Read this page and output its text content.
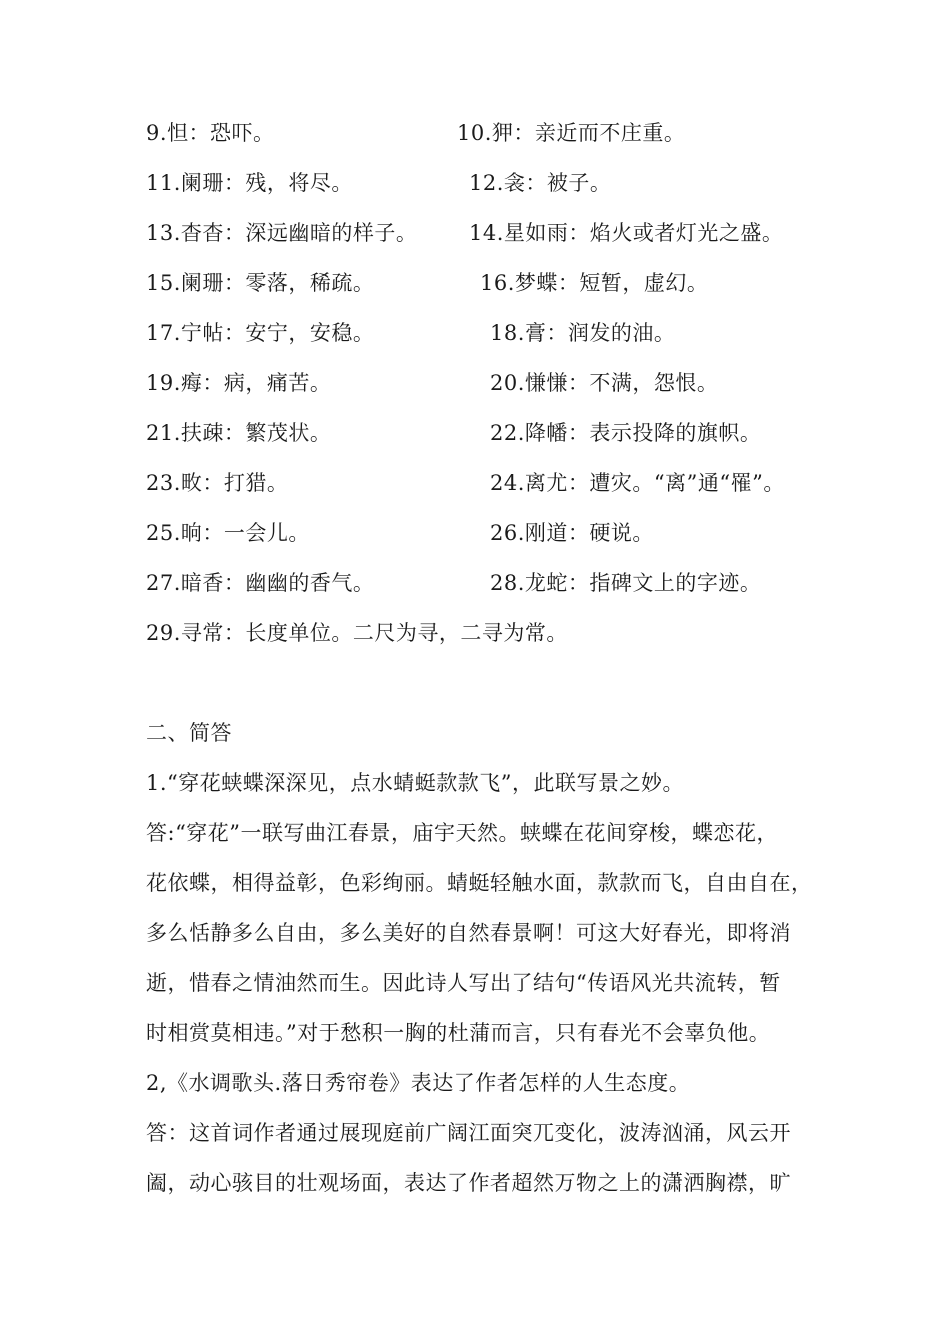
9.怛：恐吓。	10.狎：亲近而不庄重。
11.阑珊：残，将尽。	12.衾：被子。
13.杳杳：深远幽暗的样子。 14.星如雨：焰火或者灯光之盛。
15.阑珊：零落，稀疏。	16.梦蝶：短暂，虚幻。
17.宁帖：安宁，安稳。	18.膏：润发的油。
19.痗：病，痛苦。	20.慊慊：不满，怨恨。
21.扶疎：繁茂状。	22.降幡：表示投降的旗帜。
23.畋：打猎。	24.离尤：遭灾。“离”通“罹”。
25.晌：一会儿。	26.刚道：硬说。
27.暗香：幽幽的香气。	28.龙蛇：指碑文上的字迹。
29.寻常：长度单位。二尺为寻，二寻为常。
二、简答
1.“穿花蛱蝶深深见，点水蜻蜓款款飞”，此联写景之妙。
答:“穿花”一联写曲江春景，庙宇天然。蛱蝶在花间穿梭，蝶恋花，
花依蝶，相得益彰，色彩绚丽。蜻蜓轻触水面，款款而飞，自由自在，
多么恬静多么自由，多么美好的自然春景啊！可这大好春光，即将消
逝，惜春之情油然而生。因此诗人写出了结句“传语风光共流转，暂
时相赏莫相违。”对于愁积一胸的杜蒲而言，只有春光不会辜负他。
2,《水调歌头.落日秀帘卷》表达了作者怎样的人生态度。
答：这首词作者通过展现庭前广阔江面突兀变化，波涛汹涌，风云开
阖，动心骇目的壮观场面，表达了作者超然万物之上的潇洒胸襟，旷
